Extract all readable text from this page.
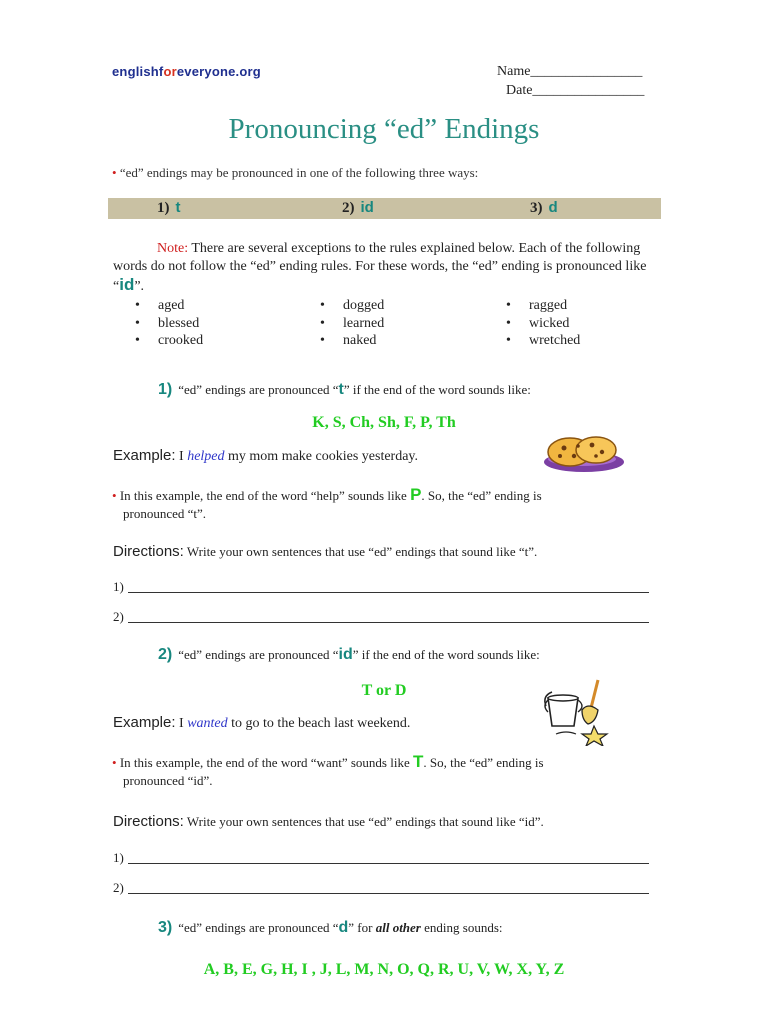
englishforeveryone.org	Name________________
Date________________
Pronouncing “ed” Endings
• “ed” endings may be pronounced in one of the following three ways:
1) t	2) id	3) d
Note: There are several exceptions to the rules explained below. Each of the following words do not follow the “ed” ending rules. For these words, the “ed” ending is pronounced like “id”.
• aged
• blessed
• crooked
• dogged
• learned
• naked
• ragged
• wicked
• wretched
1) “ed” endings are pronounced “t” if the end of the word sounds like:
K, S, Ch, Sh, F, P, Th
Example: I helped my mom make cookies yesterday.
• In this example, the end of the word “help” sounds like P. So, the “ed” ending is
pronounced “t”.
Directions: Write your own sentences that use “ed” endings that sound like “t”.
1)
2)
2) “ed” endings are pronounced “id” if the end of the word sounds like:
T or D
Example: I wanted to go to the beach last weekend.
• In this example, the end of the word “want” sounds like T. So, the “ed” ending is
pronounced “id”.
Directions: Write your own sentences that use “ed” endings that sound like “id”.
1)
2)
3) “ed” endings are pronounced “d” for all other ending sounds:
A, B, E, G, H, I , J, L, M, N, O, Q, R, U, V, W, X, Y, Z
